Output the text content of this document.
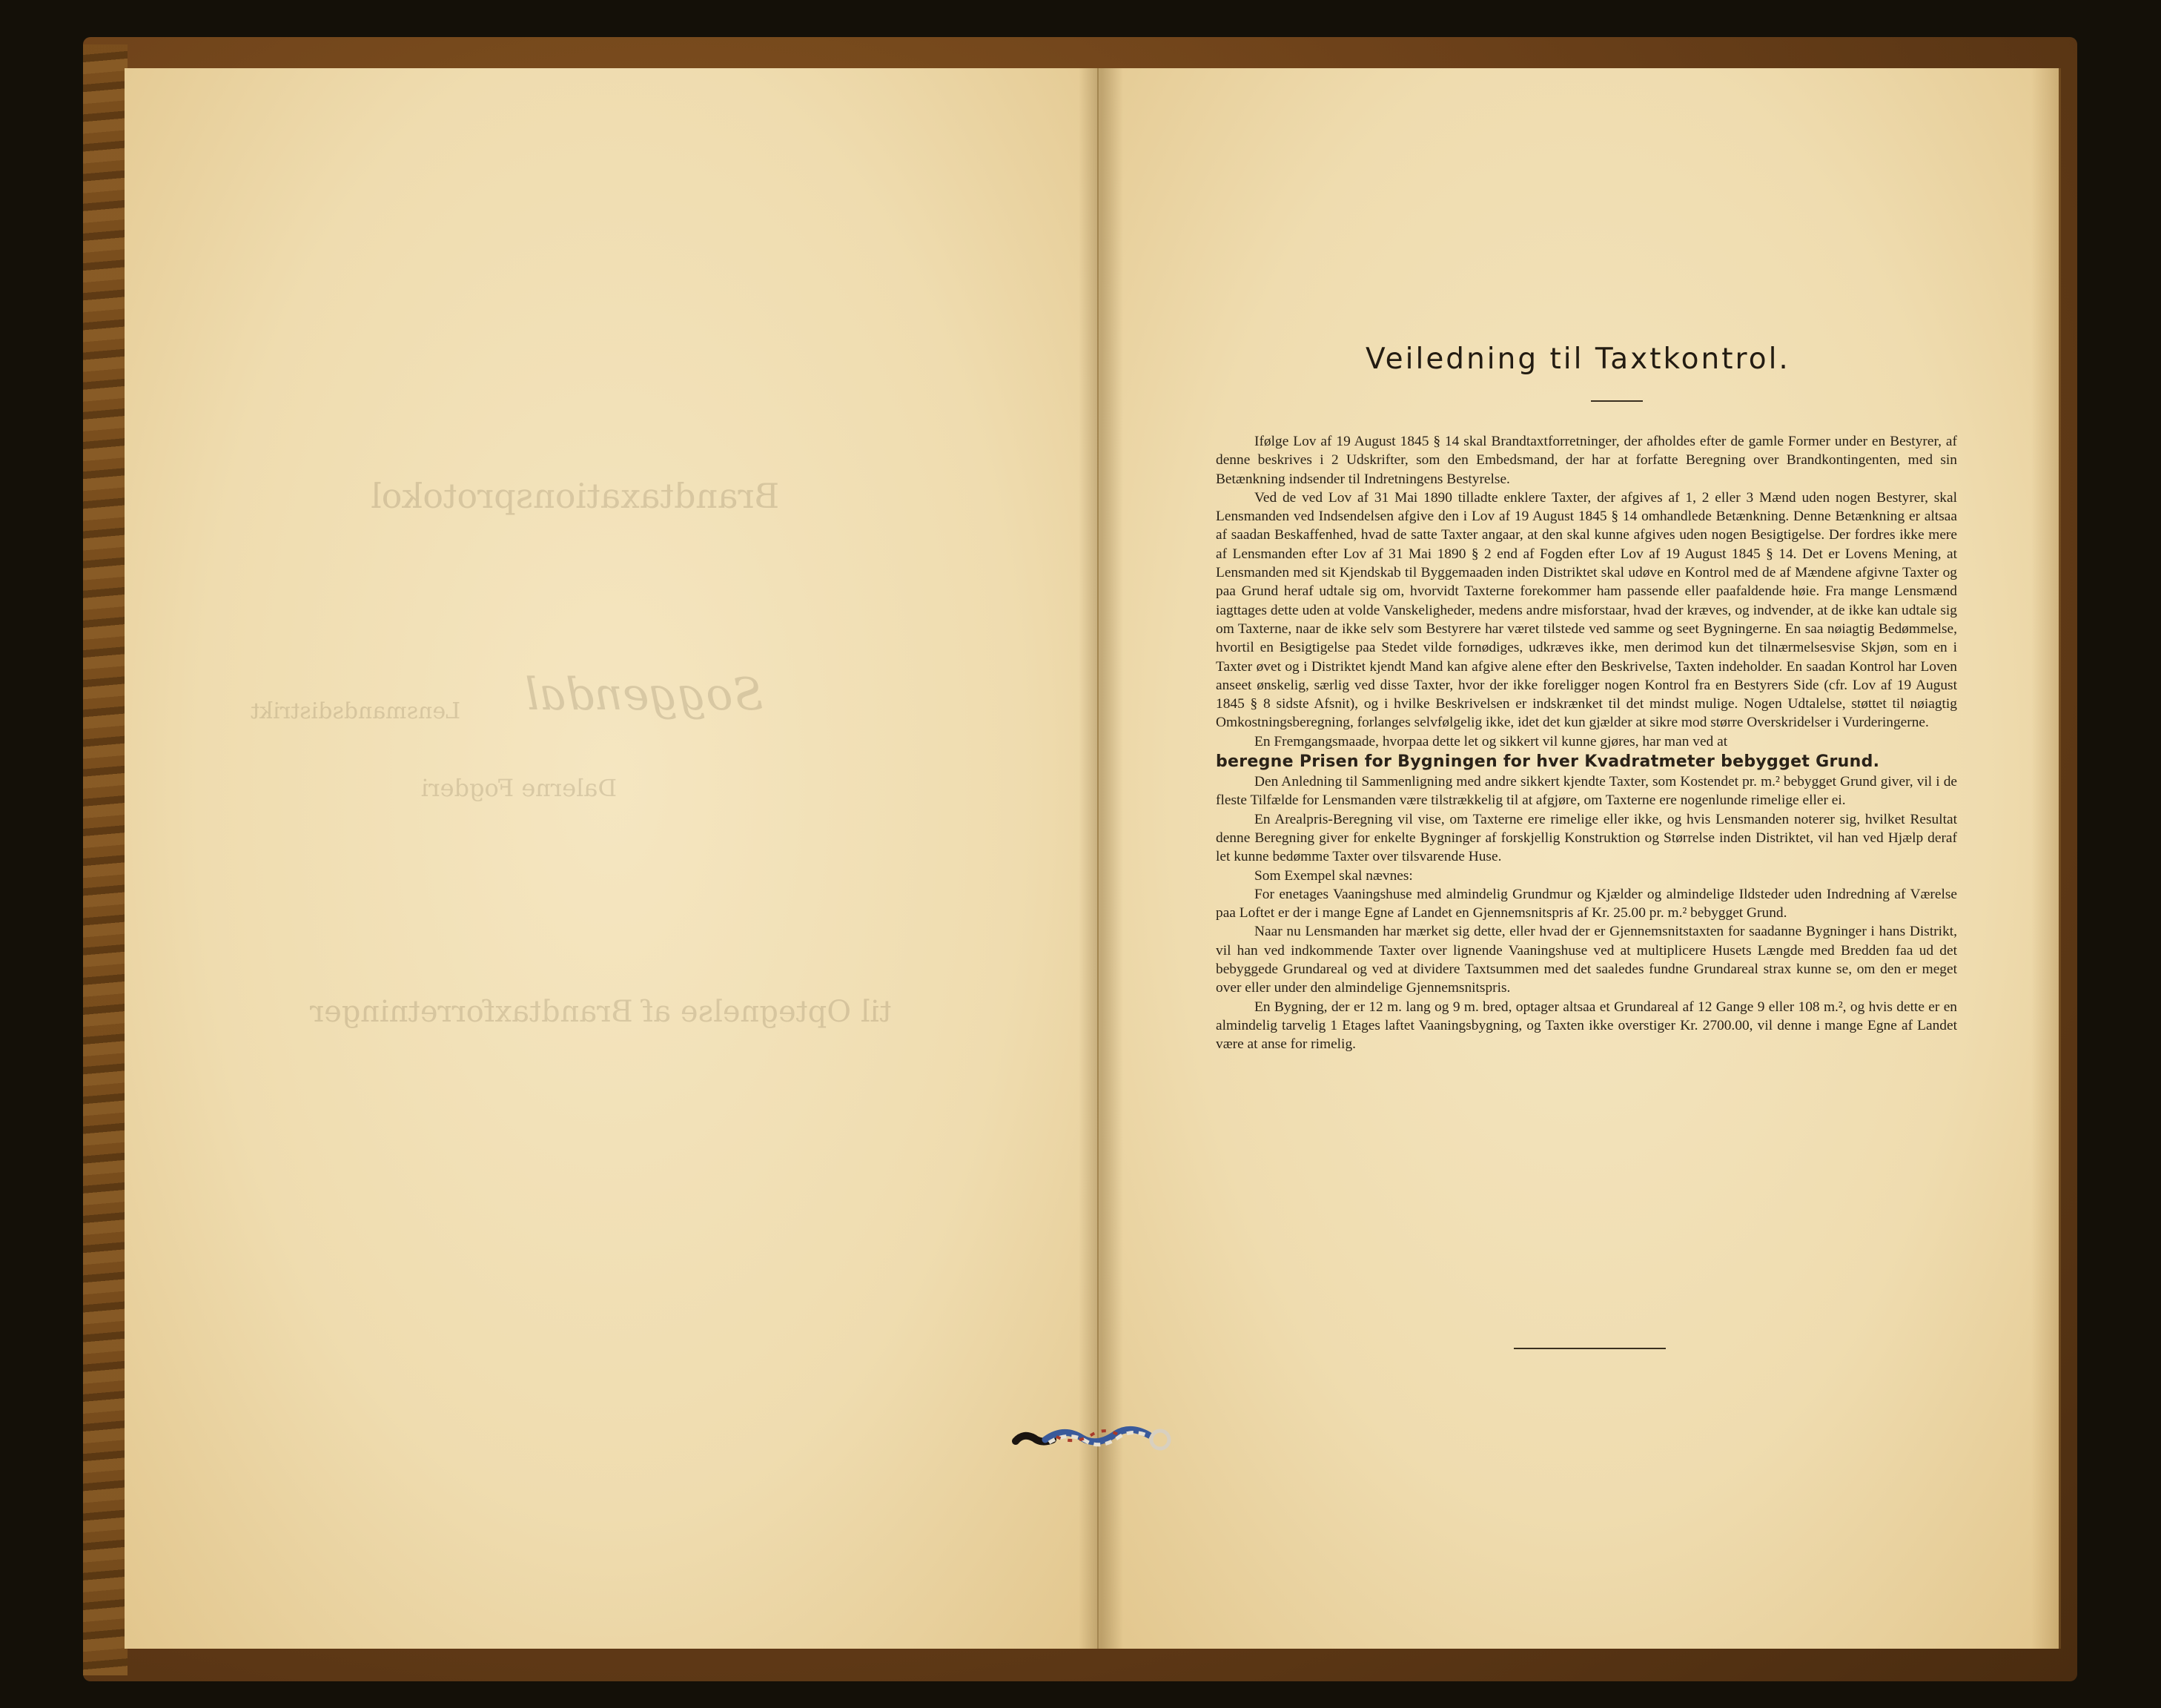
Brandtaxationsprotokol
Soggendal
Lensmandsdistrikt
Dalerne Fogderi
til Optegnelse af Brandtaxforretninger
Veiledning til Taxtkontrol.

Ifølge Lov af 19 August 1845 § 14 skal Brandtaxtforretninger, der afholdes efter de gamle Former under en Bestyrer, af denne beskrives i 2 Udskrifter, som den Embedsmand, der har at forfatte Beregning over Brandkontingenten, med sin Betænkning indsender til Indretningens Bestyrelse.

Ved de ved Lov af 31 Mai 1890 tilladte enklere Taxter, der afgives af 1, 2 eller 3 Mænd uden nogen Bestyrer, skal Lensmanden ved Indsendelsen afgive den i Lov af 19 August 1845 § 14 omhandlede Betænkning. Denne Betænkning er altsaa af saadan Beskaffenhed, hvad de satte Taxter angaar, at den skal kunne afgives uden nogen Besigtigelse. Der fordres ikke mere af Lensmanden efter Lov af 31 Mai 1890 § 2 end af Fogden efter Lov af 19 August 1845 § 14. Det er Lovens Mening, at Lensmanden med sit Kjendskab til Byggemaaden inden Distriktet skal udøve en Kontrol med de af Mændene afgivne Taxter og paa Grund heraf udtale sig om, hvorvidt Taxterne forekommer ham passende eller paafaldende høie. Fra mange Lensmænd iagttages dette uden at volde Vanskeligheder, medens andre misforstaar, hvad der kræves, og indvender, at de ikke kan udtale sig om Taxterne, naar de ikke selv som Bestyrere har været tilstede ved samme og seet Bygningerne. En saa nøiagtig Bedømmelse, hvortil en Besigtigelse paa Stedet vilde fornødiges, udkræves ikke, men derimod kun det tilnærmelsesvise Skjøn, som en i Taxter øvet og i Distriktet kjendt Mand kan afgive alene efter den Beskrivelse, Taxten indeholder. En saadan Kontrol har Loven anseet ønskelig, særlig ved disse Taxter, hvor der ikke foreligger nogen Kontrol fra en Bestyrers Side (cfr. Lov af 19 August 1845 § 8 sidste Afsnit), og i hvilke Beskrivelsen er indskrænket til det mindst mulige. Nogen Udtalelse, støttet til nøiagtig Omkostningsberegning, forlanges selvfølgelig ikke, idet det kun gjælder at sikre mod større Overskridelser i Vurderingerne.

En Fremgangsmaade, hvorpaa dette let og sikkert vil kunne gjøres, har man ved at

beregne Prisen for Bygningen for hver Kvadratmeter bebygget Grund.

Den Anledning til Sammenligning med andre sikkert kjendte Taxter, som Kostendet pr. m.² bebygget Grund giver, vil i de fleste Tilfælde for Lensmanden være tilstrækkelig til at afgjøre, om Taxterne ere nogenlunde rimelige eller ei.

En Arealpris-Beregning vil vise, om Taxterne ere rimelige eller ikke, og hvis Lensmanden noterer sig, hvilket Resultat denne Beregning giver for enkelte Bygninger af forskjellig Konstruktion og Størrelse inden Distriktet, vil han ved Hjælp deraf let kunne bedømme Taxter over tilsvarende Huse.

Som Exempel skal nævnes:

For enetages Vaaningshuse med almindelig Grundmur og Kjælder og almindelige Ildsteder uden Indredning af Værelse paa Loftet er der i mange Egne af Landet en Gjennemsnitspris af Kr. 25.00 pr. m.² bebygget Grund.

Naar nu Lensmanden har mærket sig dette, eller hvad der er Gjennemsnitstaxten for saadanne Bygninger i hans Distrikt, vil han ved indkommende Taxter over lignende Vaaningshuse ved at multiplicere Husets Længde med Bredden faa ud det bebyggede Grundareal og ved at dividere Taxtsummen med det saaledes fundne Grundareal strax kunne se, om den er meget over eller under den almindelige Gjennemsnitspris.

En Bygning, der er 12 m. lang og 9 m. bred, optager altsaa et Grundareal af 12 Gange 9 eller 108 m.², og hvis dette er en almindelig tarvelig 1 Etages laftet Vaaningsbygning, og Taxten ikke overstiger Kr. 2700.00, vil denne i mange Egne af Landet være at anse for rimelig.
